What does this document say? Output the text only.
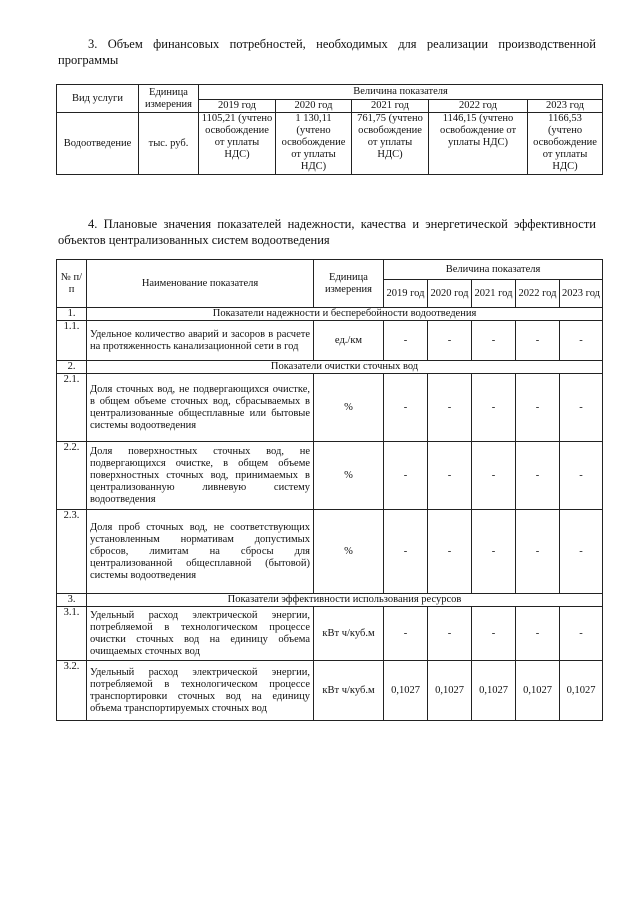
3. Объем финансовых потребностей, необходимых для реализации производственной программы
Вид услуги	Единица измерения	Величина показателя				
		2019 год	2020 год	2021 год	2022 год	2023 год
Водоотведение	тыс. руб.	1105,21 (учтено освобождение от уплаты НДС)	1 130,11 (учтено освобождение от уплаты НДС)	761,75 (учтено освобождение от уплаты НДС)	1146,15 (учтено освобождение от уплаты НДС)	1166,53 (учтено освобождение от уплаты НДС)
4. Плановые значения показателей надежности, качества и энергетической эффективности объектов централизованных систем водоотведения
№ п/п	Наименование показателя	Единица измерения	Величина показателя				
			2019 год	2020 год	2021 год	2022 год	2023 год
1.	Показатели надежности и бесперебойности водоотведения						
1.1.	Удельное количество аварий и засоров в расчете на протяженность канализационной сети в год	ед./км	-	-	-	-	-
2.	Показатели очистки сточных вод						
2.1.	Доля сточных вод, не подвергающихся очистке, в общем объеме сточных вод, сбрасываемых в централизованные общесплавные или бытовые системы водоотведения	%	-	-	-	-	-
2.2.	Доля поверхностных сточных вод, не подвергающихся очистке, в общем объеме поверхностных сточных вод, принимаемых в централизованную ливневую систему водоотведения	%	-	-	-	-	-
2.3.	Доля проб сточных вод, не соответствующих установленным нормативам допустимых сбросов, лимитам на сбросы для централизованной общесплавной (бытовой) системы водоотведения	%	-	-	-	-	-
3.	Показатели эффективности использования ресурсов						
3.1.	Удельный расход электрической энергии, потребляемой в технологическом процессе очистки сточных вод на единицу объема очищаемых сточных вод	кВт ч/куб.м	-	-	-	-	-
3.2.	Удельный расход электрической энергии, потребляемой в технологическом процессе транспортировки сточных вод на единицу объема транспортируемых сточных вод	кВт ч/куб.м	0,1027	0,1027	0,1027	0,1027	0,1027
